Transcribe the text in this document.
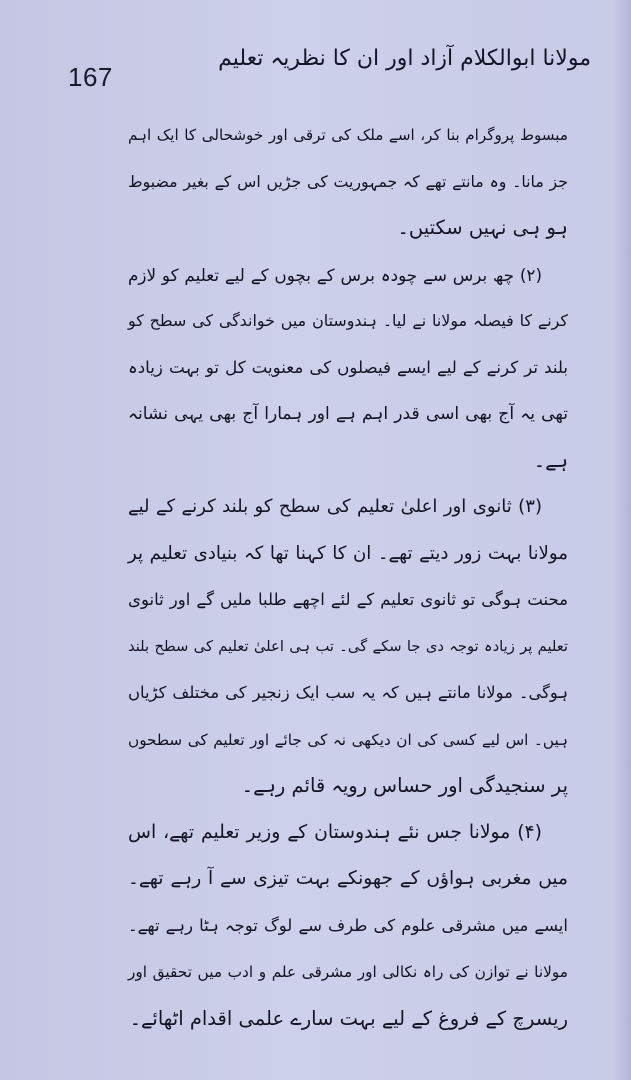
167
مولانا ابوالکلام آزاد اور ان کا نظریہ تعلیم
مبسوط پروگرام بنا کر، اسے ملک کی ترقی اور خوشحالی کا ایک اہم
جز مانا۔ وہ مانتے تھے کہ جمہوریت کی جڑیں اس کے بغیر مضبوط
ہو ہی نہیں سکتیں۔
(۲) چھ برس سے چودہ برس کے بچوں کے لیے تعلیم کو لازم
کرنے کا فیصلہ مولانا نے لیا۔ ہندوستان میں خواندگی کی سطح کو
بلند تر کرنے کے لیے ایسے فیصلوں کی معنویت کل تو بہت زیادہ
تھی یہ آج بھی اسی قدر اہم ہے اور ہمارا آج بھی یہی نشانہ
ہے۔
(۳) ثانوی اور اعلیٰ تعلیم کی سطح کو بلند کرنے کے لیے
مولانا بہت زور دیتے تھے۔ ان کا کہنا تھا کہ بنیادی تعلیم پر
محنت ہوگی تو ثانوی تعلیم کے لئے اچھے طلبا ملیں گے اور ثانوی
تعلیم پر زیادہ توجہ دی جا سکے گی۔ تب ہی اعلیٰ تعلیم کی سطح بلند
ہوگی۔ مولانا مانتے ہیں کہ یہ سب ایک زنجیر کی مختلف کڑیاں
ہیں۔ اس لیے کسی کی ان دیکھی نہ کی جائے اور تعلیم کی سطحوں
پر سنجیدگی اور حساس رویہ قائم رہے۔
(۴) مولانا جس نئے ہندوستان کے وزیر تعلیم تھے، اس
میں مغربی ہواؤں کے جھونکے بہت تیزی سے آ رہے تھے۔
ایسے میں مشرقی علوم کی طرف سے لوگ توجہ ہٹا رہے تھے۔
مولانا نے توازن کی راہ نکالی اور مشرقی علم و ادب میں تحقیق اور
ریسرچ کے فروغ کے لیے بہت سارے علمی اقدام اٹھائے۔
